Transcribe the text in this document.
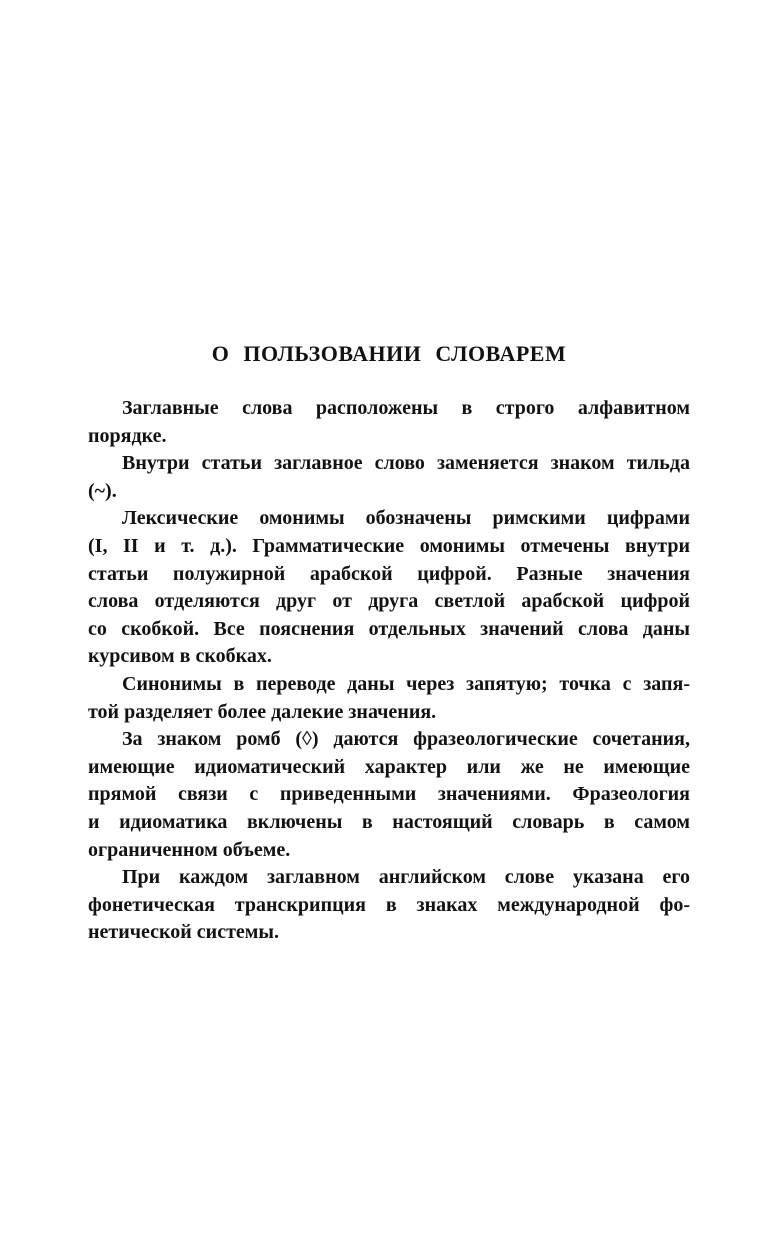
О ПОЛЬЗОВАНИИ СЛОВАРЕМ

Заглавные слова расположены в строго алфавитном
порядке.

Внутри статьи заглавное слово заменяется знаком тильда
(~).

Лексические омонимы обозначены римскими цифрами
(I, II и т. д.). Грамматические омонимы отмечены внутри
статьи полужирной арабской цифрой. Разные значения
слова отделяются друг от друга светлой арабской цифрой
со скобкой. Все пояснения отдельных значений слова даны
курсивом в скобках.

Синонимы в переводе даны через запятую; точка с запя-
той разделяет более далекие значения.

За знаком ромб (◊) даются фразеологические сочетания,
имеющие идиоматический характер или же не имеющие
прямой связи с приведенными значениями. Фразеология
и идиоматика включены в настоящий словарь в самом
ограниченном объеме.

При каждом заглавном английском слове указана его
фонетическая транскрипция в знаках международной фо-
нетической системы.
